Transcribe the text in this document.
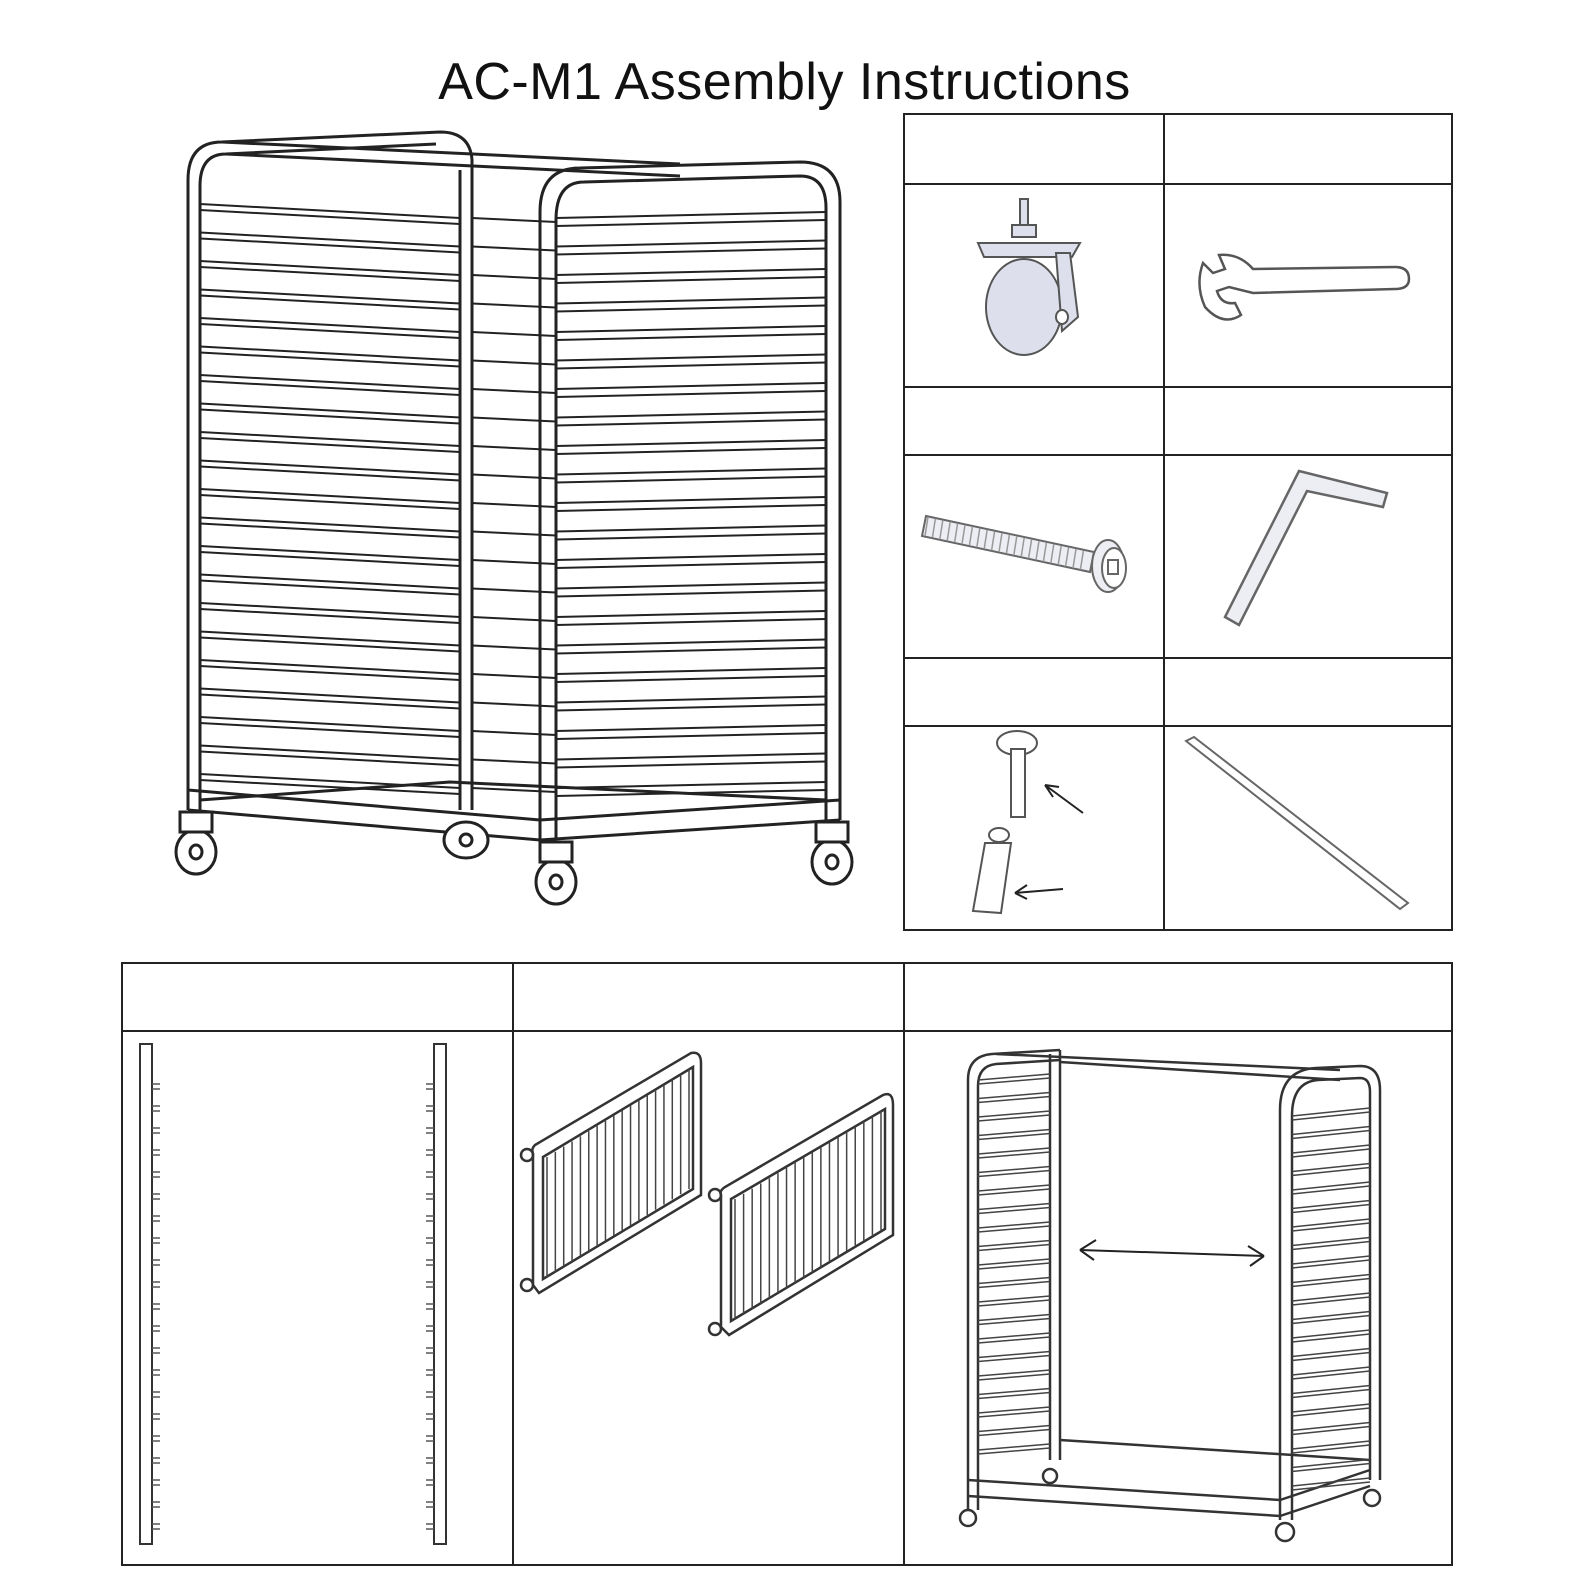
AC-M1 Assembly Instructions
